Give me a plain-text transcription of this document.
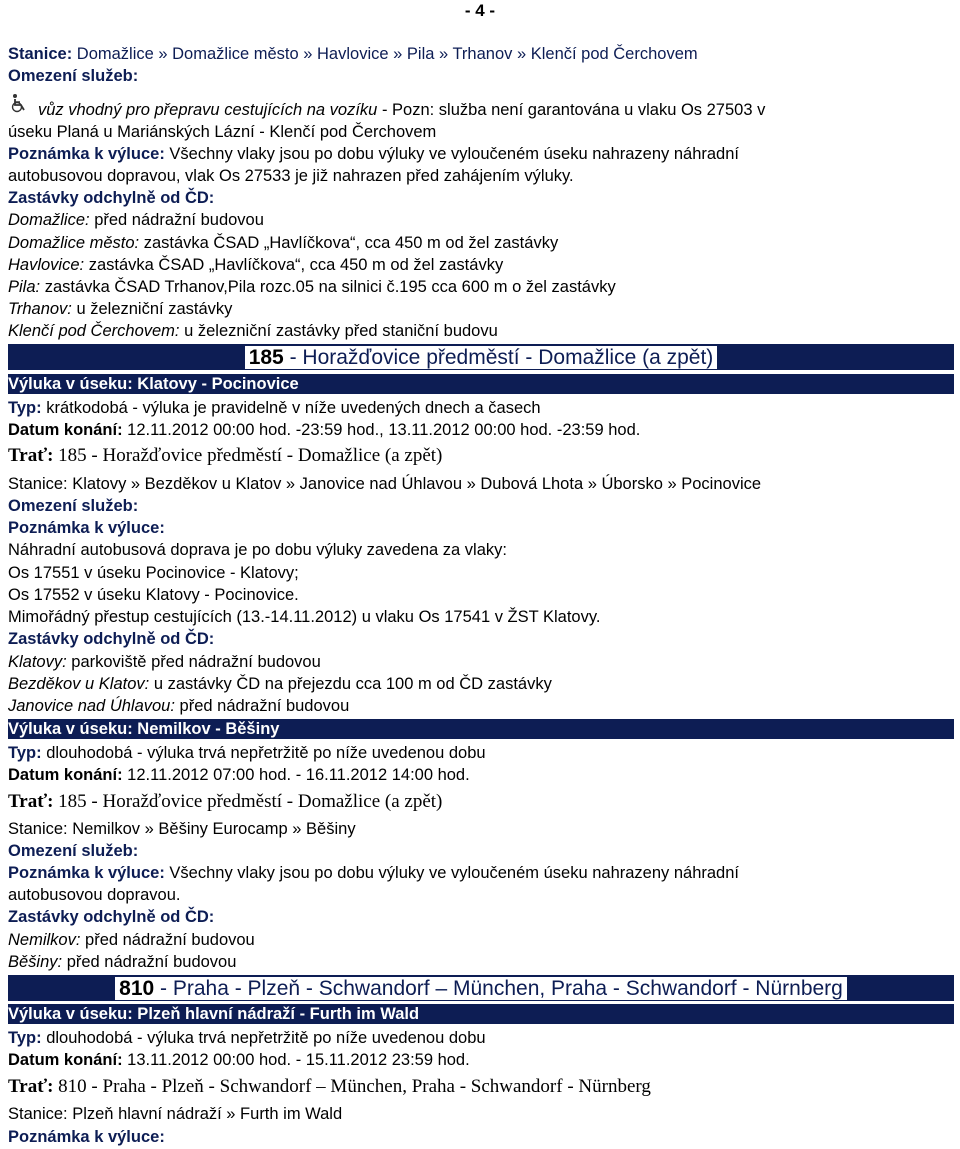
- 4 -
Stanice: Domažlice » Domažlice město » Havlovice » Pila » Trhanov » Klenčí pod Čerchovem
Omezení služeb:
vůz vhodný pro přepravu cestujících na vozíku - Pozn: služba není garantována u vlaku Os 27503 v
úseku Planá u Mariánských Lázní - Klenčí pod Čerchovem
Poznámka k výluce: Všechny vlaky jsou po dobu výluky ve vyloučeném úseku nahrazeny náhradní
autobusovou dopravou, vlak Os 27533 je již nahrazen před zahájením výluky.
Zastávky odchylně od ČD:
Domažlice: před nádražní budovou
Domažlice město: zastávka ČSAD „Havlíčkova“, cca 450 m od žel zastávky
Havlovice: zastávka ČSAD „Havlíčkova“, cca 450 m od žel zastávky
Pila: zastávka ČSAD Trhanov,Pila rozc.05 na silnici č.195 cca 600 m o žel zastávky
Trhanov: u železniční zastávky
Klenčí pod Čerchovem: u železniční zastávky před staniční budovu
185 - Horažďovice předměstí - Domažlice (a zpět)
Výluka v úseku: Klatovy - Pocinovice
Typ: krátkodobá - výluka je pravidelně v níže uvedených dnech a časech
Datum konání: 12.11.2012 00:00 hod. -23:59 hod., 13.11.2012 00:00 hod. -23:59 hod.
Trať: 185 - Horažďovice předměstí - Domažlice (a zpět)
Stanice: Klatovy » Bezděkov u Klatov » Janovice nad Úhlavou » Dubová Lhota » Úborsko » Pocinovice
Omezení služeb:
Poznámka k výluce:
Náhradní autobusová doprava je po dobu výluky zavedena za vlaky:
Os 17551 v úseku Pocinovice - Klatovy;
Os 17552 v úseku Klatovy - Pocinovice.
Mimořádný přestup cestujících (13.-14.11.2012) u vlaku Os 17541 v ŽST Klatovy.
Zastávky odchylně od ČD:
Klatovy: parkoviště před nádražní budovou
Bezděkov u Klatov: u zastávky ČD na přejezdu cca 100 m od ČD zastávky
Janovice nad Úhlavou: před nádražní budovou
Výluka v úseku: Nemilkov - Běšiny
Typ: dlouhodobá - výluka trvá nepřetržitě po níže uvedenou dobu
Datum konání: 12.11.2012 07:00 hod. - 16.11.2012 14:00 hod.
Trať: 185 - Horažďovice předměstí - Domažlice (a zpět)
Stanice: Nemilkov » Běšiny Eurocamp » Běšiny
Omezení služeb:
Poznámka k výluce: Všechny vlaky jsou po dobu výluky ve vyloučeném úseku nahrazeny náhradní
autobusovou dopravou.
Zastávky odchylně od ČD:
Nemilkov: před nádražní budovou
Běšiny: před nádražní budovou
810 - Praha - Plzeň - Schwandorf – München, Praha - Schwandorf - Nürnberg
Výluka v úseku: Plzeň hlavní nádraží - Furth im Wald
Typ: dlouhodobá - výluka trvá nepřetržitě po níže uvedenou dobu
Datum konání: 13.11.2012 00:00 hod. - 15.11.2012 23:59 hod.
Trať: 810 - Praha - Plzeň - Schwandorf – München, Praha - Schwandorf - Nürnberg
Stanice: Plzeň hlavní nádraží » Furth im Wald
Poznámka k výluce:
